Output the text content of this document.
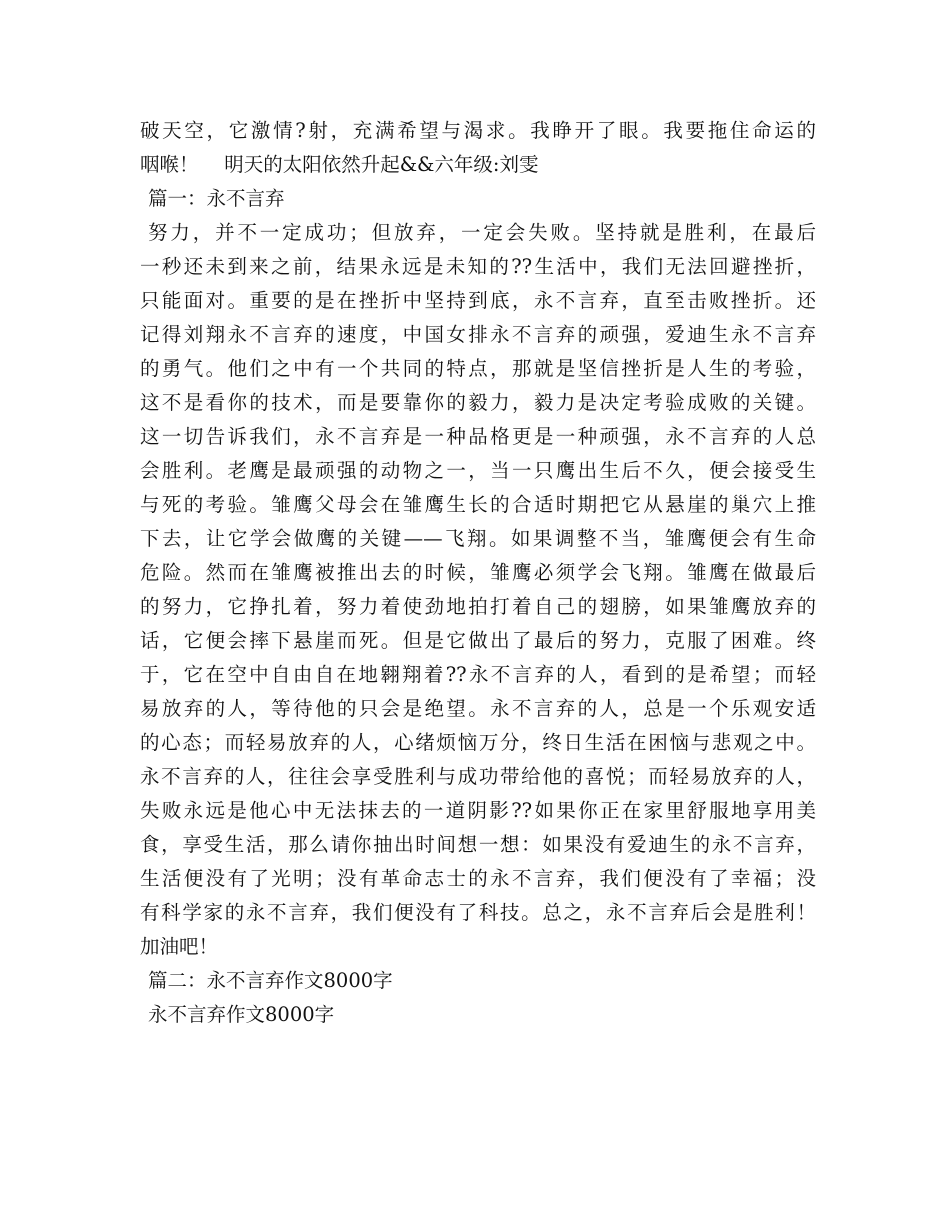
破天空，它激情?射，充满希望与渴求。我睁开了眼。我要拖住命运的
咽喉！　 明天的太阳依然升起&&六年级:刘雯
篇一：永不言弃
努力，并不一定成功；但放弃，一定会失败。坚持就是胜利，在最后
一秒还未到来之前，结果永远是未知的??生活中，我们无法回避挫折，
只能面对。重要的是在挫折中坚持到底，永不言弃，直至击败挫折。还
记得刘翔永不言弃的速度，中国女排永不言弃的顽强，爱迪生永不言弃
的勇气。他们之中有一个共同的特点，那就是坚信挫折是人生的考验，
这不是看你的技术，而是要靠你的毅力，毅力是决定考验成败的关键。
这一切告诉我们，永不言弃是一种品格更是一种顽强，永不言弃的人总
会胜利。老鹰是最顽强的动物之一，当一只鹰出生后不久，便会接受生
与死的考验。雏鹰父母会在雏鹰生长的合适时期把它从悬崖的巢穴上推
下去，让它学会做鹰的关键——飞翔。如果调整不当，雏鹰便会有生命
危险。然而在雏鹰被推出去的时候，雏鹰必须学会飞翔。雏鹰在做最后
的努力，它挣扎着，努力着使劲地拍打着自己的翅膀，如果雏鹰放弃的
话，它便会摔下悬崖而死。但是它做出了最后的努力，克服了困难。终
于，它在空中自由自在地翱翔着??永不言弃的人，看到的是希望；而轻
易放弃的人，等待他的只会是绝望。永不言弃的人，总是一个乐观安适
的心态；而轻易放弃的人，心绪烦恼万分，终日生活在困恼与悲观之中。
永不言弃的人，往往会享受胜利与成功带给他的喜悦；而轻易放弃的人，
失败永远是他心中无法抹去的一道阴影??如果你正在家里舒服地享用美
食，享受生活，那么请你抽出时间想一想：如果没有爱迪生的永不言弃，
生活便没有了光明；没有革命志士的永不言弃，我们便没有了幸福；没
有科学家的永不言弃，我们便没有了科技。总之，永不言弃后会是胜利！
加油吧！
篇二：永不言弃作文8000字
永不言弃作文8000字
